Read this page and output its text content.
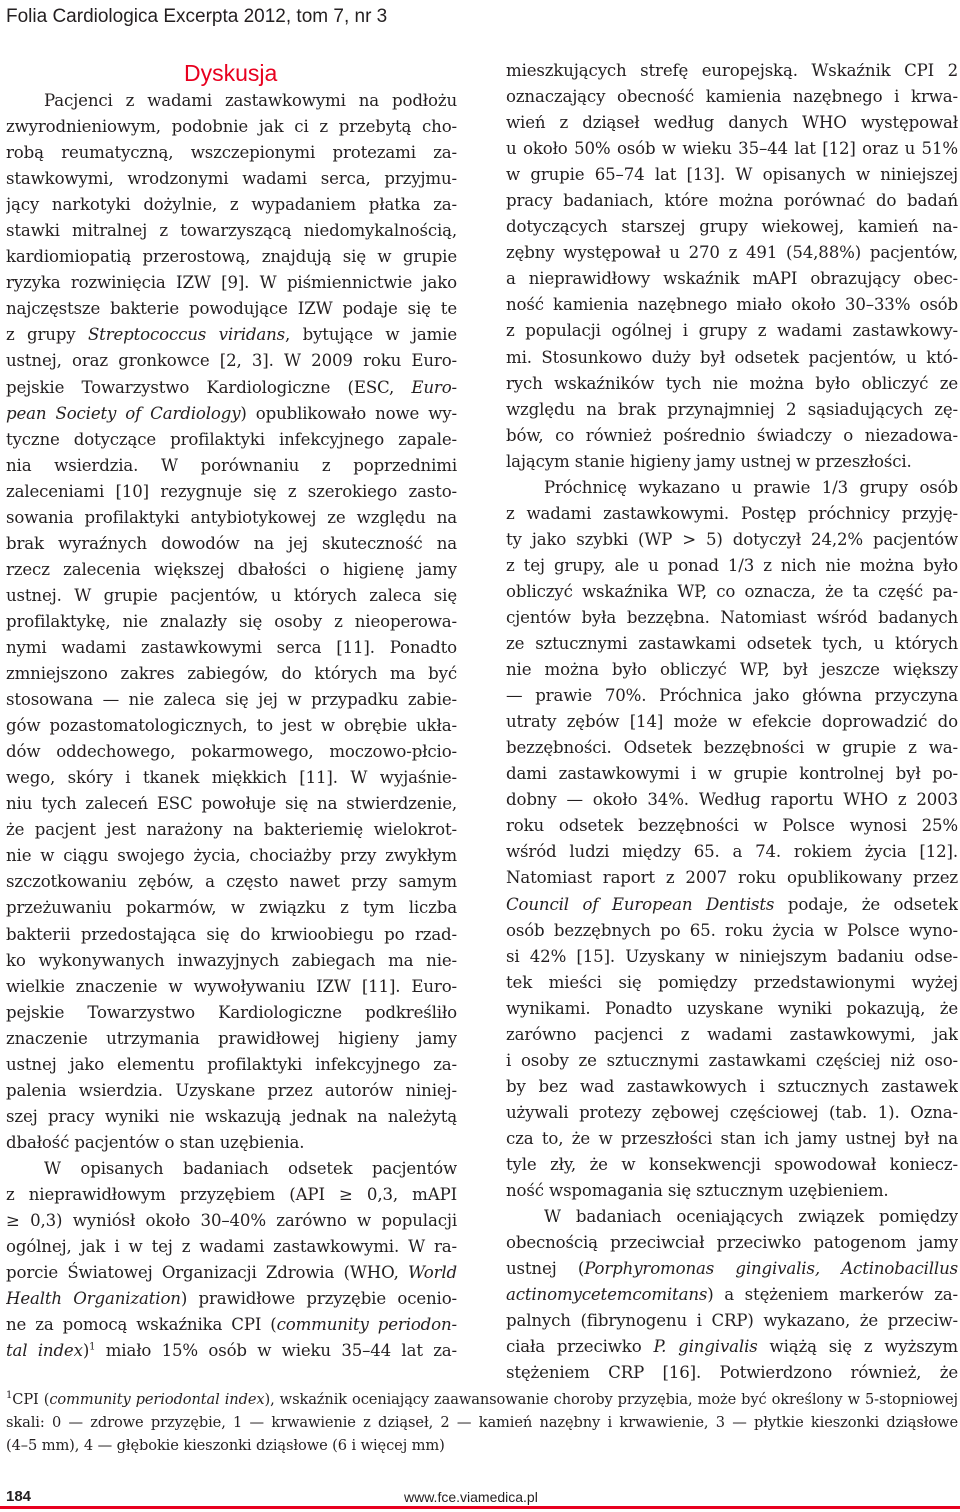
Folia Cardiologica Excerpta 2012, tom 7, nr 3
Dyskusja
Pacjenci z wadami zastawkowymi na podłożu
zwyrodnieniowym, podobnie jak ci z przebytą cho-
robą reumatyczną, wszczepionymi protezami za-
stawkowymi, wrodzonymi wadami serca, przyjmu-
jący narkotyki dożylnie, z wypadaniem płatka za-
stawki mitralnej z towarzyszącą niedomykalnością,
kardiomiopatią przerostową, znajdują się w grupie
ryzyka rozwinięcia IZW [9]. W piśmiennictwie jako
najczęstsze bakterie powodujące IZW podaje się te
z grupy Streptococcus viridans, bytujące w jamie
ustnej, oraz gronkowce [2, 3]. W 2009 roku Euro-
pejskie Towarzystwo Kardiologiczne (ESC, Euro-
pean Society of Cardiology) opublikowało nowe wy-
tyczne dotyczące profilaktyki infekcyjnego zapale-
nia wsierdzia. W porównaniu z poprzednimi
zaleceniami [10] rezygnuje się z szerokiego zasto-
sowania profilaktyki antybiotykowej ze względu na
brak wyraźnych dowodów na jej skuteczność na
rzecz zalecenia większej dbałości o higienę jamy
ustnej. W grupie pacjentów, u których zaleca się
profilaktykę, nie znalazły się osoby z nieoperowa-
nymi wadami zastawkowymi serca [11]. Ponadto
zmniejszono zakres zabiegów, do których ma być
stosowana — nie zaleca się jej w przypadku zabie-
gów pozastomatologicznych, to jest w obrębie ukła-
dów oddechowego, pokarmowego, moczowo-płcio-
wego, skóry i tkanek miękkich [11]. W wyjaśnie-
niu tych zaleceń ESC powołuje się na stwierdzenie,
że pacjent jest narażony na bakteriemię wielokrot-
nie w ciągu swojego życia, chociażby przy zwykłym
szczotkowaniu zębów, a często nawet przy samym
przeżuwaniu pokarmów, w związku z tym liczba
bakterii przedostająca się do krwioobiegu po rzad-
ko wykonywanych inwazyjnych zabiegach ma nie-
wielkie znaczenie w wywoływaniu IZW [11]. Euro-
pejskie Towarzystwo Kardiologiczne podkreśliło
znaczenie utrzymania prawidłowej higieny jamy
ustnej jako elementu profilaktyki infekcyjnego za-
palenia wsierdzia. Uzyskane przez autorów niniej-
szej pracy wyniki nie wskazują jednak na należytą
dbałość pacjentów o stan uzębienia.
W opisanych badaniach odsetek pacjentów
z nieprawidłowym przyzębiem (API ≥ 0,3, mAPI
≥ 0,3) wyniósł około 30–40% zarówno w populacji
ogólnej, jak i w tej z wadami zastawkowymi. W ra-
porcie Światowej Organizacji Zdrowia (WHO, World
Health Organization) prawidłowe przyzębie ocenio-
ne za pomocą wskaźnika CPI (community periodon-
tal index)$^1$ miało 15% osób w wieku 35–44 lat za-
mieszkujących strefę europejską. Wskaźnik CPI 2
oznaczający obecność kamienia nazębnego i krwa-
wień z dziąseł według danych WHO występował
u około 50% osób w wieku 35–44 lat [12] oraz u 51%
w grupie 65–74 lat [13]. W opisanych w niniejszej
pracy badaniach, które można porównać do badań
dotyczących starszej grupy wiekowej, kamień na-
zębny występował u 270 z 491 (54,88%) pacjentów,
a nieprawidłowy wskaźnik mAPI obrazujący obec-
ność kamienia nazębnego miało około 30–33% osób
z populacji ogólnej i grupy z wadami zastawkowy-
mi. Stosunkowo duży był odsetek pacjentów, u któ-
rych wskaźników tych nie można było obliczyć ze
względu na brak przynajmniej 2 sąsiadujących zę-
bów, co również pośrednio świadczy o niezadowa-
lającym stanie higieny jamy ustnej w przeszłości.
Próchnicę wykazano u prawie 1/3 grupy osób
z wadami zastawkowymi. Postęp próchnicy przyję-
ty jako szybki (WP > 5) dotyczył 24,2% pacjentów
z tej grupy, ale u ponad 1/3 z nich nie można było
obliczyć wskaźnika WP, co oznacza, że ta część pa-
cjentów była bezzębna. Natomiast wśród badanych
ze sztucznymi zastawkami odsetek tych, u których
nie można było obliczyć WP, był jeszcze większy
— prawie 70%. Próchnica jako główna przyczyna
utraty zębów [14] może w efekcie doprowadzić do
bezzębności. Odsetek bezzębności w grupie z wa-
dami zastawkowymi i w grupie kontrolnej był po-
dobny — około 34%. Według raportu WHO z 2003
roku odsetek bezzębności w Polsce wynosi 25%
wśród ludzi między 65. a 74. rokiem życia [12].
Natomiast raport z 2007 roku opublikowany przez
Council of European Dentists podaje, że odsetek
osób bezzębnych po 65. roku życia w Polsce wyno-
si 42% [15]. Uzyskany w niniejszym badaniu odse-
tek mieści się pomiędzy przedstawionymi wyżej
wynikami. Ponadto uzyskane wyniki pokazują, że
zarówno pacjenci z wadami zastawkowymi, jak
i osoby ze sztucznymi zastawkami częściej niż oso-
by bez wad zastawkowych i sztucznych zastawek
używali protezy zębowej częściowej (tab. 1). Ozna-
cza to, że w przeszłości stan ich jamy ustnej był na
tyle zły, że w konsekwencji spowodował koniecz-
ność wspomagania się sztucznym uzębieniem.
W badaniach oceniających związek pomiędzy
obecnością przeciwciał przeciwko patogenom jamy
ustnej (Porphyromonas gingivalis, Actinobacillus
actinomycetemcomitans) a stężeniem markerów za-
palnych (fibrynogenu i CRP) wykazano, że przeciw-
ciała przeciwko P. gingivalis wiążą się z wyższym
stężeniem CRP [16]. Potwierdzono również, że
$^1$CPI (community periodontal index), wskaźnik oceniający zaawansowanie choroby przyzębia, może być określony w 5-stopniowej
skali: 0 — zdrowe przyzębie, 1 — krwawienie z dziąseł, 2 — kamień nazębny i krwawienie, 3 — płytkie kieszonki dziąsłowe
(4–5 mm), 4 — głębokie kieszonki dziąsłowe (6 i więcej mm)
184	www.fce.viamedica.pl
